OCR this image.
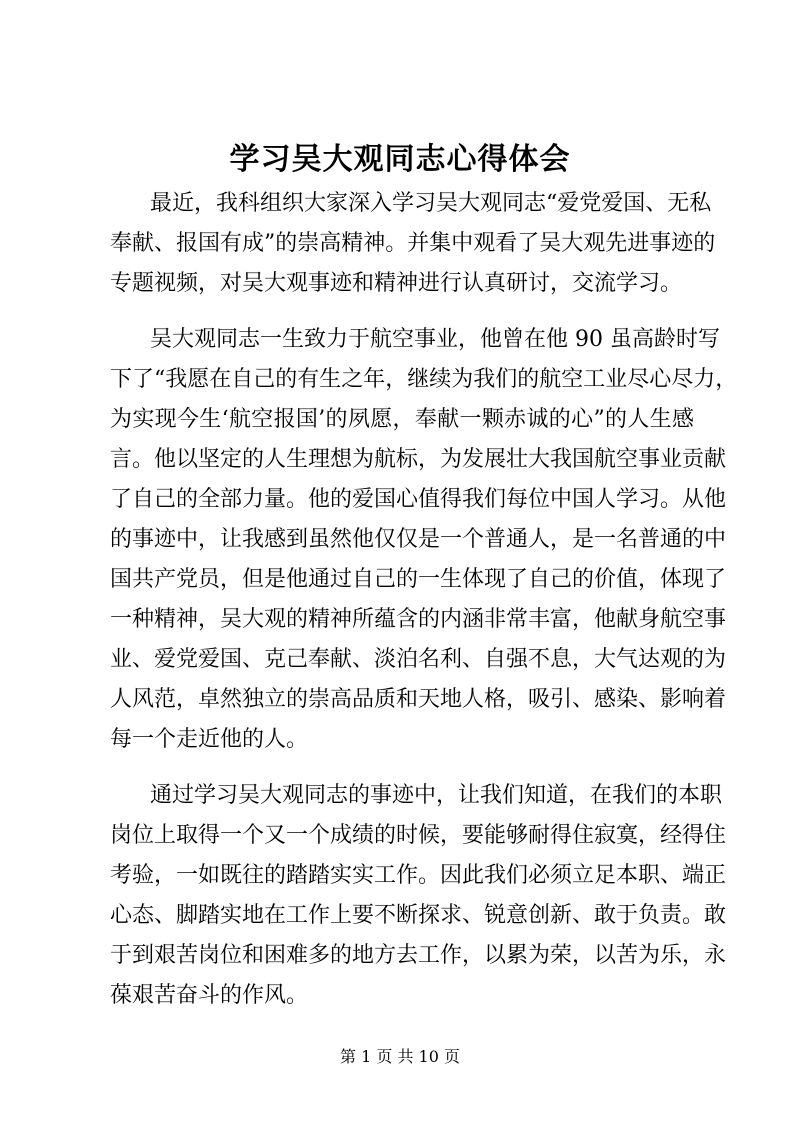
学习吴大观同志心得体会
最近，我科组织大家深入学习吴大观同志“爱党爱国、无私
奉献、报国有成”的崇高精神。并集中观看了吴大观先进事迹的
专题视频，对吴大观事迹和精神进行认真研讨，交流学习。
吴大观同志一生致力于航空事业，他曾在他 90 虽高龄时写
下了“我愿在自己的有生之年，继续为我们的航空工业尽心尽力，
为实现今生‘航空报国’的夙愿，奉献一颗赤诚的心”的人生感
言。他以坚定的人生理想为航标，为发展壮大我国航空事业贡献
了自己的全部力量。他的爱国心值得我们每位中国人学习。从他
的事迹中，让我感到虽然他仅仅是一个普通人，是一名普通的中
国共产党员，但是他通过自己的一生体现了自己的价值，体现了
一种精神，吴大观的精神所蕴含的内涵非常丰富，他献身航空事
业、爱党爱国、克己奉献、淡泊名利、自强不息，大气达观的为
人风范，卓然独立的崇高品质和天地人格，吸引、感染、影响着
每一个走近他的人。
通过学习吴大观同志的事迹中，让我们知道，在我们的本职
岗位上取得一个又一个成绩的时候，要能够耐得住寂寞，经得住
考验，一如既往的踏踏实实工作。因此我们必须立足本职、端正
心态、脚踏实地在工作上要不断探求、锐意创新、敢于负责。敢
于到艰苦岗位和困难多的地方去工作，以累为荣，以苦为乐，永
葆艰苦奋斗的作风。
第 1 页 共 10 页
